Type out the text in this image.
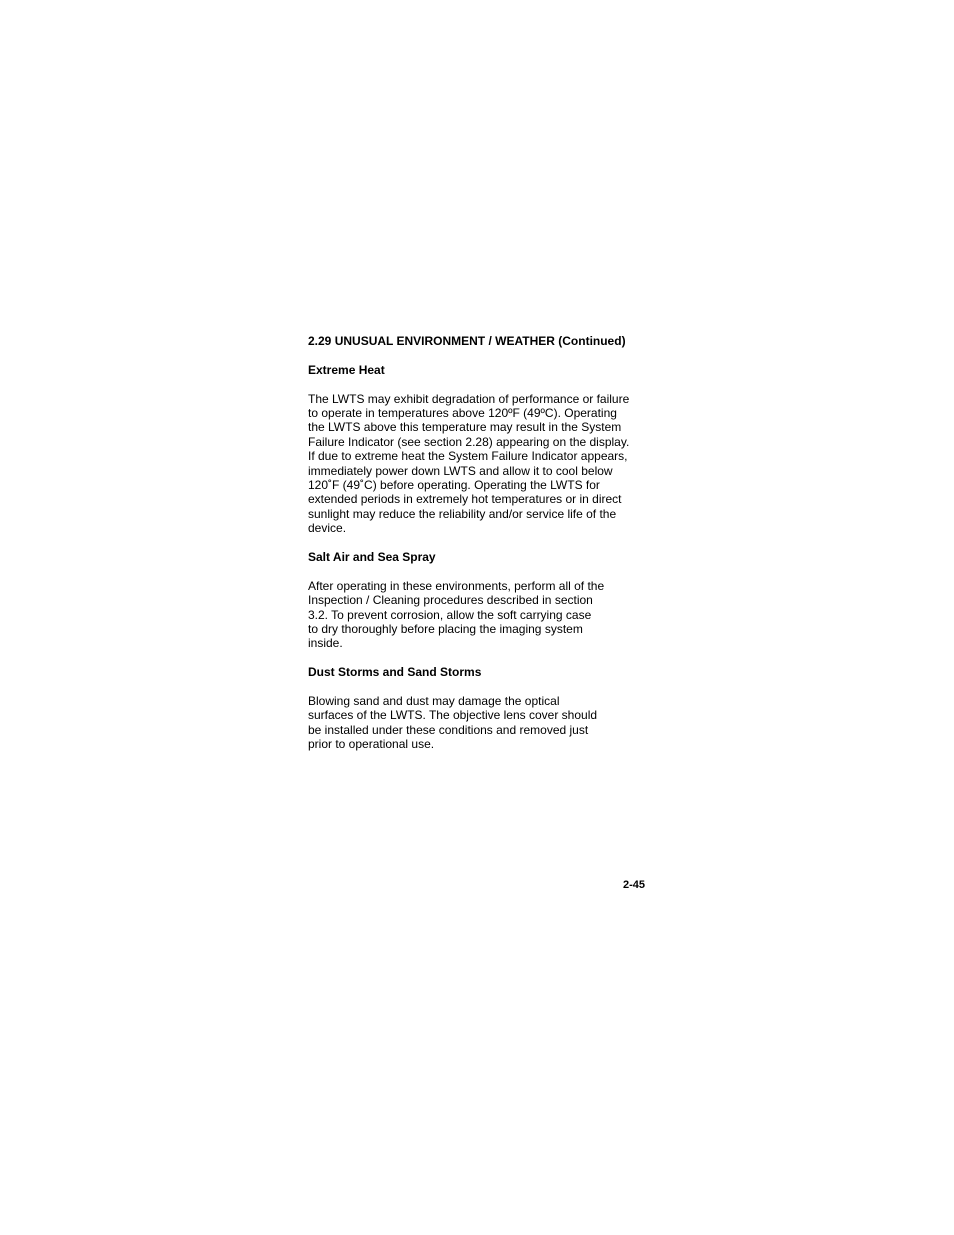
2.29 UNUSUAL ENVIRONMENT / WEATHER (Continued)

Extreme Heat

The LWTS may exhibit degradation of performance or failure
to operate in temperatures above 120ºF (49ºC). Operating
the LWTS above this temperature may result in the System
Failure Indicator (see section 2.28) appearing on the display.
If due to extreme heat the System Failure Indicator appears,
immediately power down LWTS and allow it to cool below
120˚F (49˚C) before operating. Operating the LWTS for
extended periods in extremely hot temperatures or in direct
sunlight may reduce the reliability and/or service life of the
device.

Salt Air and Sea Spray

After operating in these environments, perform all of the
Inspection / Cleaning procedures described in section
3.2. To prevent corrosion, allow the soft carrying case
to dry thoroughly before placing the imaging system
inside.

Dust Storms and Sand Storms

Blowing sand and dust may damage the optical
surfaces of the LWTS. The objective lens cover should
be installed under these conditions and removed just
prior to operational use.

2-45
